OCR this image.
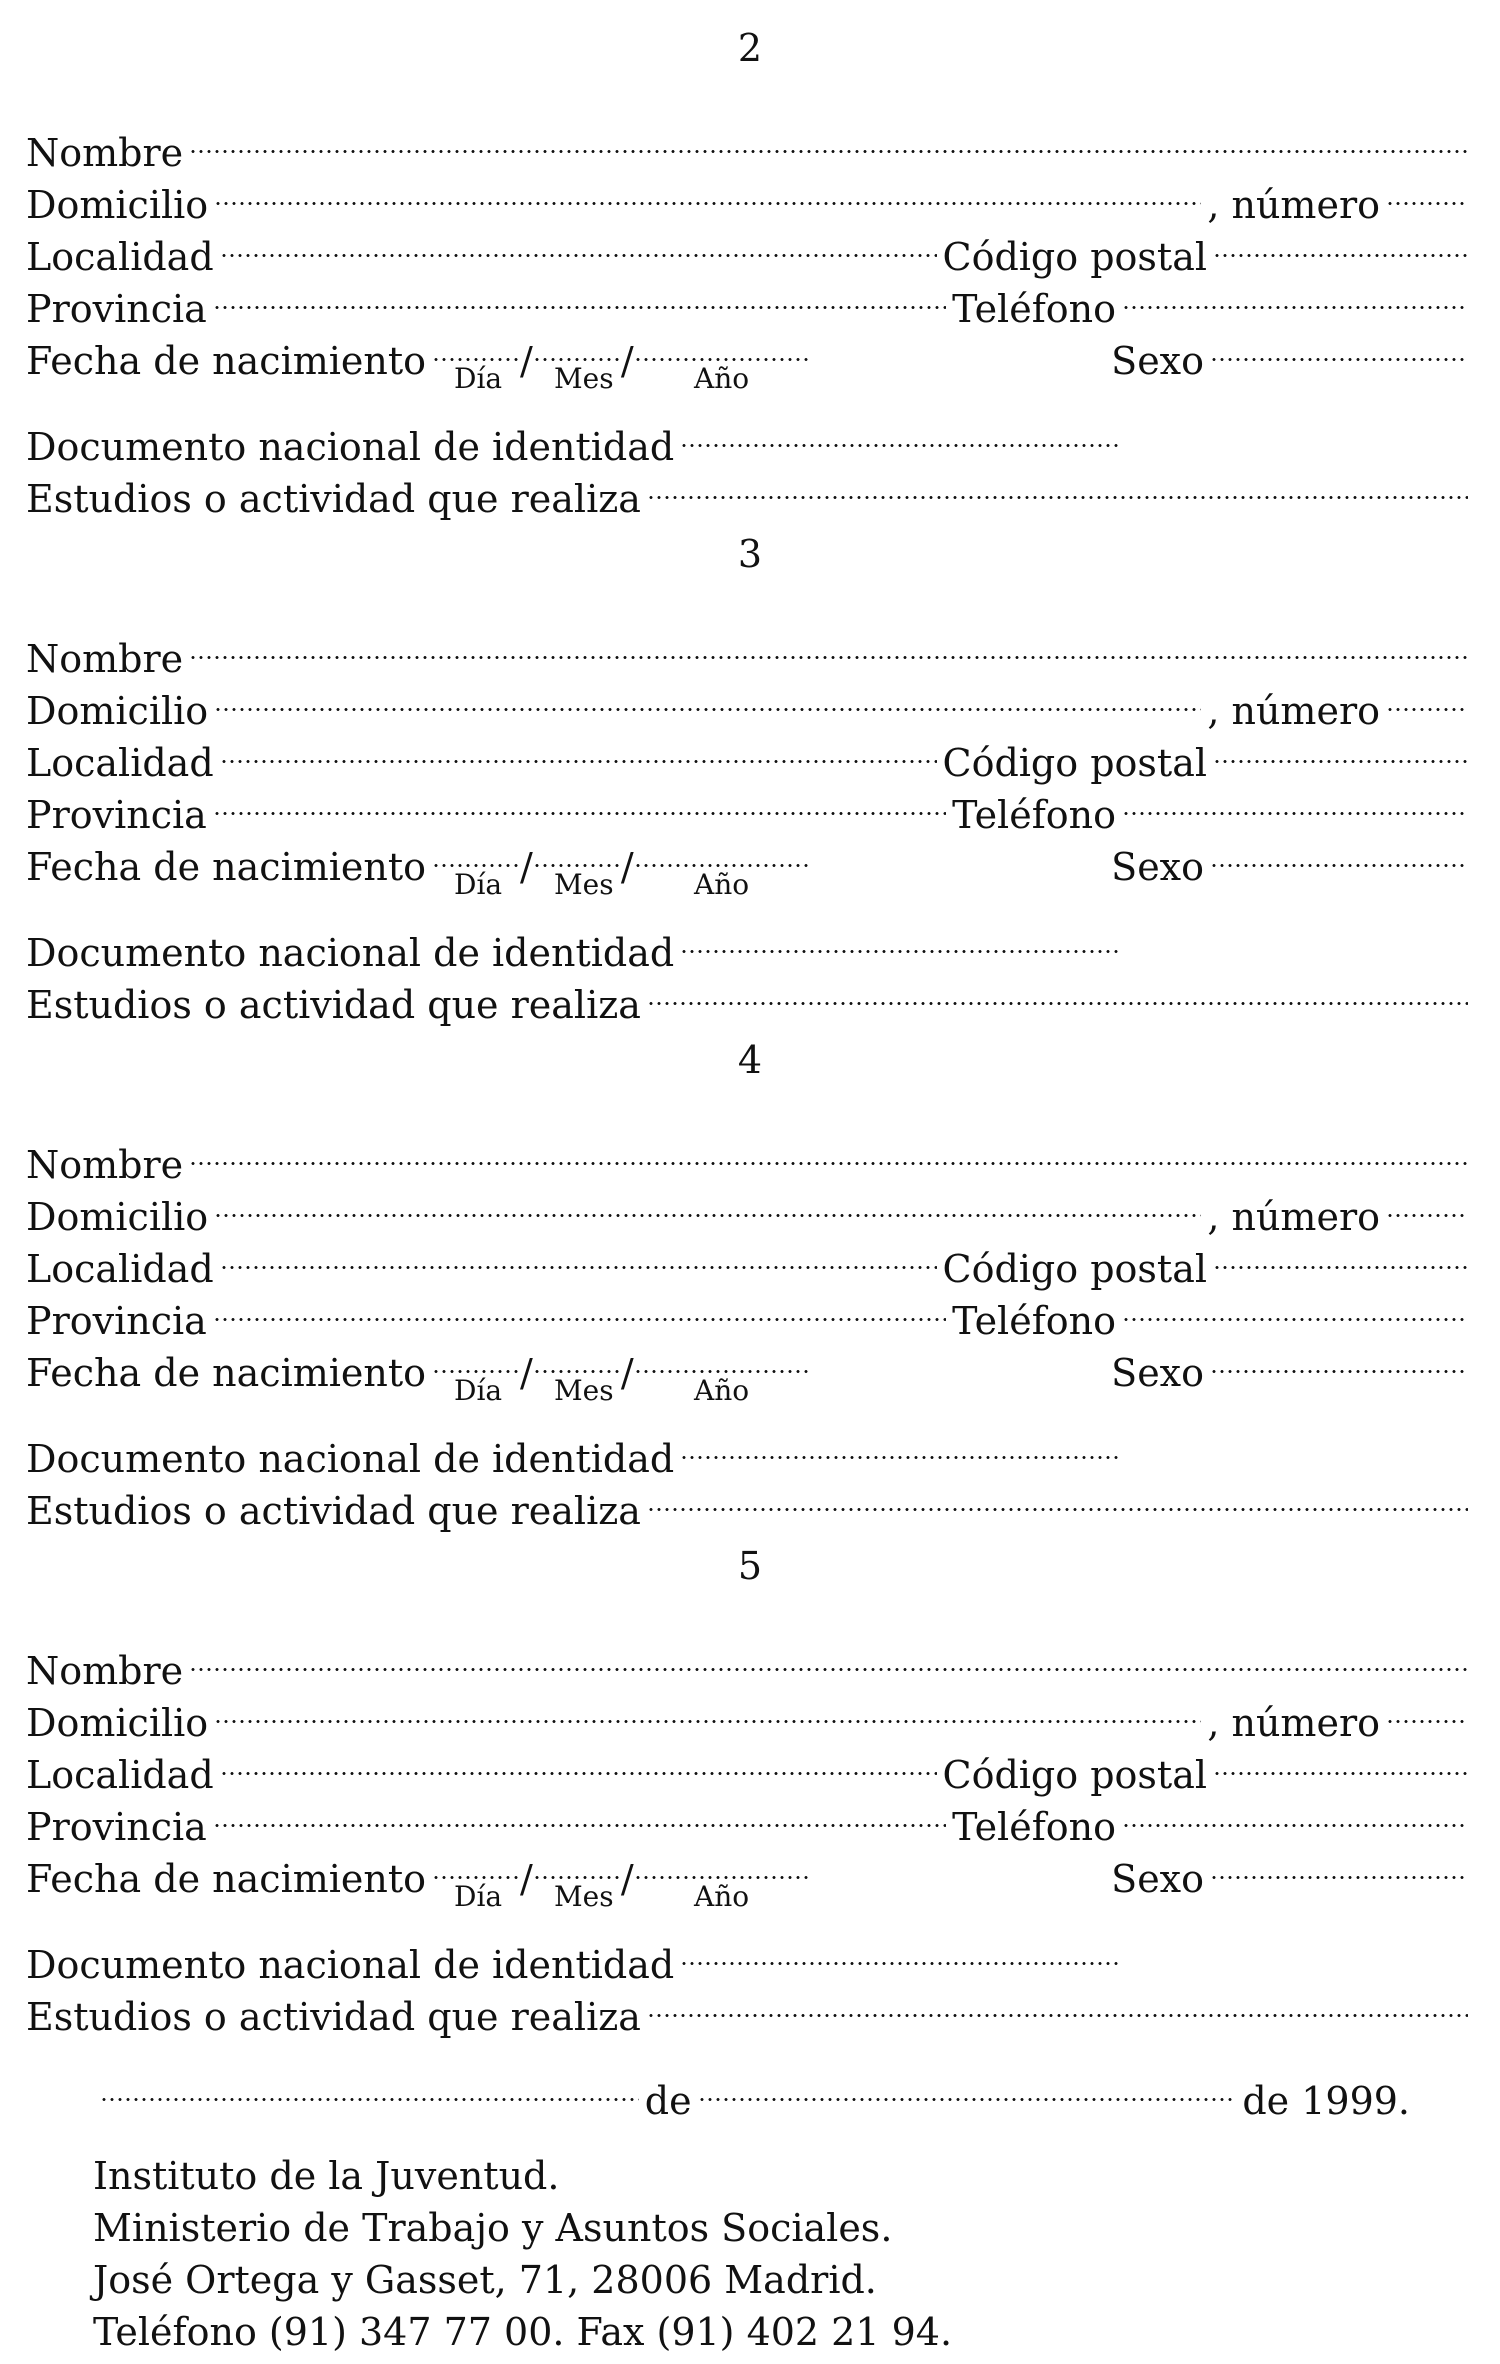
2
Nombre
Domicilio	, número
Localidad	Código postal
Provincia	Teléfono
Fecha de nacimiento / /	Sexo
Día Mes	Año
Documento nacional de identidad
Estudios o actividad que realiza
3
Nombre
Domicilio	, número
Localidad	Código postal
Provincia	Teléfono
Fecha de nacimiento / /	Sexo
Día Mes	Año
Documento nacional de identidad
Estudios o actividad que realiza
4
Nombre
Domicilio	, número
Localidad	Código postal
Provincia	Teléfono
Fecha de nacimiento / /	Sexo
Día Mes	Año
Documento nacional de identidad
Estudios o actividad que realiza
5
Nombre
Domicilio	, número
Localidad	Código postal
Provincia	Teléfono
Fecha de nacimiento / /	Sexo
Día Mes	Año
Documento nacional de identidad
Estudios o actividad que realiza
de	de 1999.
Instituto de la Juventud.
Ministerio de Trabajo y Asuntos Sociales.
José Ortega y Gasset, 71, 28006 Madrid.
Teléfono (91) 347 77 00. Fax (91) 402 21 94.
